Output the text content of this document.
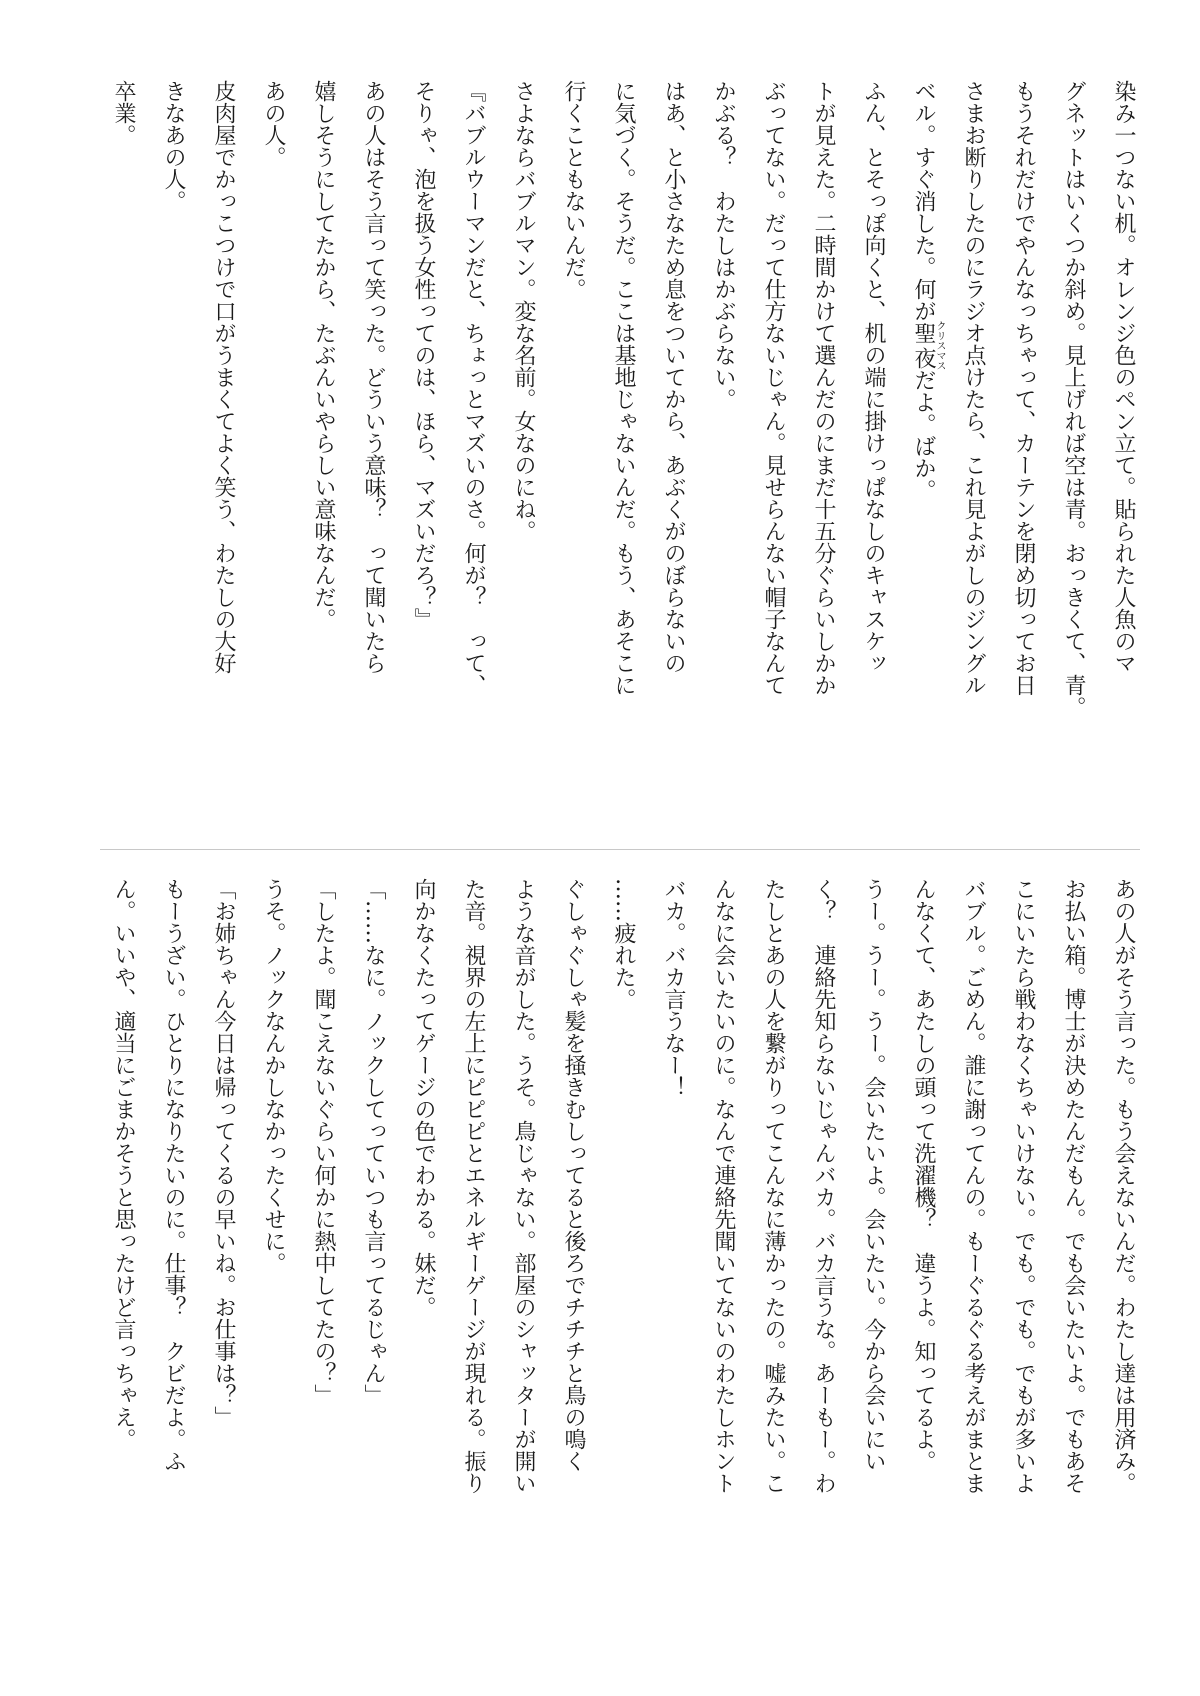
染み一つない机。オレンジ色のペン立て。貼られた人魚のマ

グネットはいくつか斜め。見上げれば空は青。おっきくて、青。

もうそれだけでやんなっちゃって、カーテンを閉め切ってお日

さまお断りしたのにラジオ点けたら、これ見よがしのジングル

ベル。すぐ消した。何が聖夜クリスマスだよ。ばか。

ふん、とそっぽ向くと、机の端に掛けっぱなしのキャスケッ

トが見えた。二時間かけて選んだのにまだ十五分ぐらいしかか

ぶってない。だって仕方ないじゃん。見せらんない帽子なんて

かぶる？　わたしはかぶらない。

はあ、と小さなため息をついてから、あぶくがのぼらないの

に気づく。そうだ。ここは基地じゃないんだ。もう、あそこに

行くこともないんだ。

さよならバブルマン。変な名前。女なのにね。

『バブルウーマンだと、ちょっとマズいのさ。何が？　って、

そりゃ、泡を扱う女性ってのは、ほら、マズいだろ？』

あの人はそう言って笑った。どういう意味？　って聞いたら

嬉しそうにしてたから、たぶんいやらしい意味なんだ。

あの人。

皮肉屋でかっこつけで口がうまくてよく笑う、わたしの大好

きなあの人。

卒業。

あの人がそう言った。もう会えないんだ。わたし達は用済み。

お払い箱。博士が決めたんだもん。でも会いたいよ。でもあそ

こにいたら戦わなくちゃいけない。でも。でも。でもが多いよ

バブル。ごめん。誰に謝ってんの。もーぐるぐる考えがまとま

んなくて、あたしの頭って洗濯機？　違うよ。知ってるよ。

うー。うー。うー。会いたいよ。会いたい。今から会いにい

く？　連絡先知らないじゃんバカ。バカ言うな。あーもー。わ

たしとあの人を繋がりってこんなに薄かったの。嘘みたい。こ

んなに会いたいのに。なんで連絡先聞いてないのわたしホント

バカ。バカ言うなー！

……疲れた。

ぐしゃぐしゃ髪を掻きむしってると後ろでチチチと鳥の鳴く

ような音がした。うそ。鳥じゃない。部屋のシャッターが開い

た音。視界の左上にピピピとエネルギーゲージが現れる。振り

向かなくたってゲージの色でわかる。妹だ。

「……なに。ノックしてっていつも言ってるじゃん」

「したよ。聞こえないぐらい何かに熱中してたの？」

うそ。ノックなんかしなかったくせに。

「お姉ちゃん今日は帰ってくるの早いね。お仕事は？」

もーうざい。ひとりになりたいのに。仕事？　クビだよ。ふ

ん。いいや、適当にごまかそうと思ったけど言っちゃえ。
